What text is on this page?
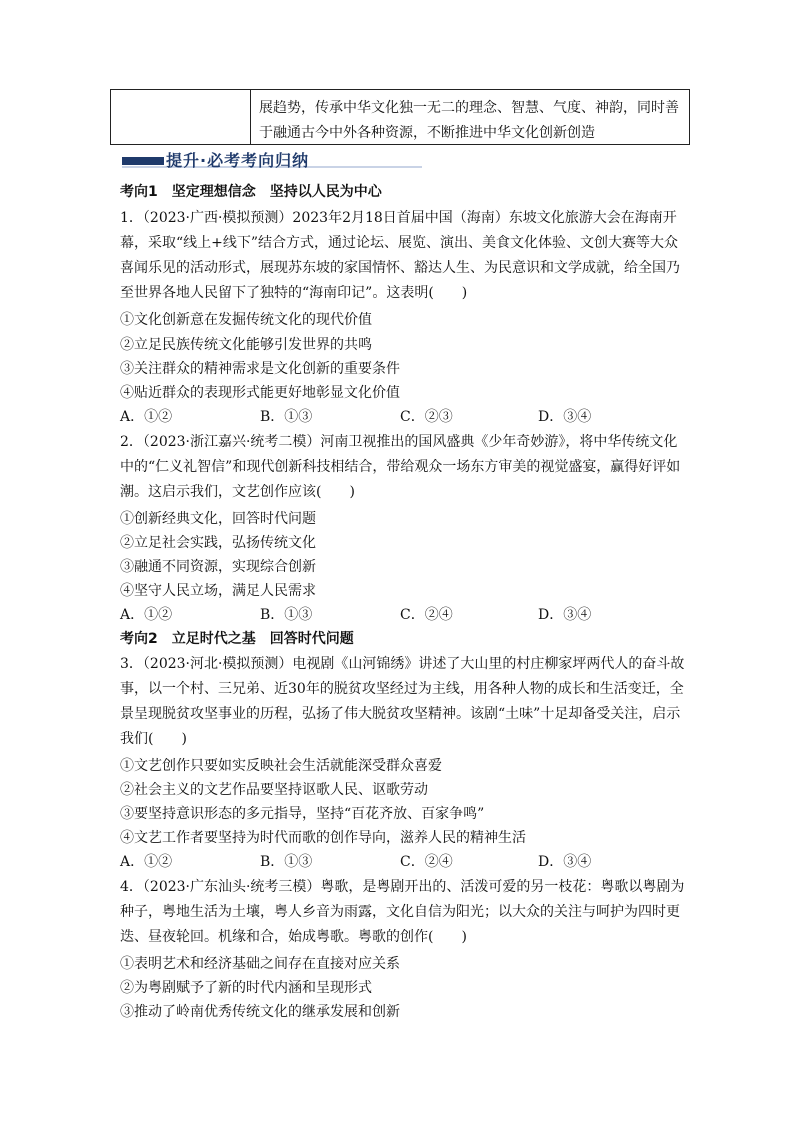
展趋势，传承中华文化独一无二的理念、智慧、气度、神韵，同时善
于融通古今中外各种资源，不断推进中华文化创新创造
提升·必考考向归纳
考向1 坚定理想信念 坚持以人民为中心
1．（2023·广西·模拟预测）2023年2月18日首届中国（海南）东坡文化旅游大会在海南开幕，采取“线上+线下”结合方式，通过论坛、展览、演出、美食文化体验、文创大赛等大众喜闻乐见的活动形式，展现苏东坡的家国情怀、豁达人生、为民意识和文学成就，给全国乃至世界各地人民留下了独特的“海南印记”。这表明(　　)
①文化创新意在发掘传统文化的现代价值
②立足民族传统文化能够引发世界的共鸣
③关注群众的精神需求是文化创新的重要条件
④贴近群众的表现形式能更好地彰显文化价值
A．①②	B．①③	C．②③	D．③④
2．（2023·浙江嘉兴·统考二模）河南卫视推出的国风盛典《少年奇妙游》，将中华传统文化中的“仁义礼智信”和现代创新科技相结合，带给观众一场东方审美的视觉盛宴，赢得好评如潮。这启示我们，文艺创作应该(　　)
①创新经典文化，回答时代问题
②立足社会实践，弘扬传统文化
③融通不同资源，实现综合创新
④坚守人民立场，满足人民需求
A．①②	B．①③	C．②④	D．③④
考向2 立足时代之基 回答时代问题
3．（2023·河北·模拟预测）电视剧《山河锦绣》讲述了大山里的村庄柳家坪两代人的奋斗故事，以一个村、三兄弟、近30年的脱贫攻坚经过为主线，用各种人物的成长和生活变迁，全景呈现脱贫攻坚事业的历程，弘扬了伟大脱贫攻坚精神。该剧“土味”十足却备受关注，启示我们(　　)
①文艺创作只要如实反映社会生活就能深受群众喜爱
②社会主义的文艺作品要坚持讴歌人民、讴歌劳动
③要坚持意识形态的多元指导，坚持“百花齐放、百家争鸣”
④文艺工作者要坚持为时代而歌的创作导向，滋养人民的精神生活
A．①②	B．①③	C．②④	D．③④
4．（2023·广东汕头·统考三模）粤歌，是粤剧开出的、活泼可爱的另一枝花：粤歌以粤剧为种子，粤地生活为土壤，粤人乡音为雨露，文化自信为阳光；以大众的关注与呵护为四时更迭、昼夜轮回。机缘和合，始成粤歌。粤歌的创作(　　)
①表明艺术和经济基础之间存在直接对应关系
②为粤剧赋予了新的时代内涵和呈现形式
③推动了岭南优秀传统文化的继承发展和创新
